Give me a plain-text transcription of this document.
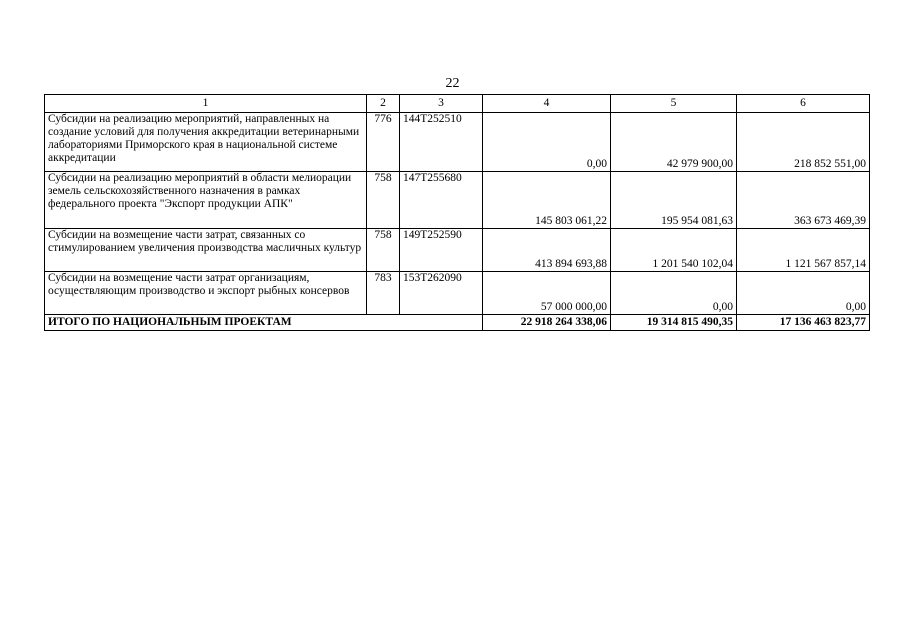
22
1	2	3	4	5	6
Субсидии на реализацию мероприятий, направленных на создание условий для получения аккредитации ветеринарными лабораториями Приморского края в национальной системе аккредитации	776	144Т252510	0,00	42 979 900,00	218 852 551,00
Субсидии на реализацию мероприятий в области мелиорации земель сельскохозяйственного назначения в рамках федерального проекта "Экспорт продукции АПК"	758	147Т255680	145 803 061,22	195 954 081,63	363 673 469,39
Субсидии на возмещение части затрат, связанных со стимулированием увеличения производства масличных культур	758	149Т252590	413 894 693,88	1 201 540 102,04	1 121 567 857,14
Субсидии на возмещение части затрат организациям, осуществляющим производство и экспорт рыбных консервов	783	153Т262090	57 000 000,00	0,00	0,00
ИТОГО ПО НАЦИОНАЛЬНЫМ ПРОЕКТАМ			22 918 264 338,06	19 314 815 490,35	17 136 463 823,77
